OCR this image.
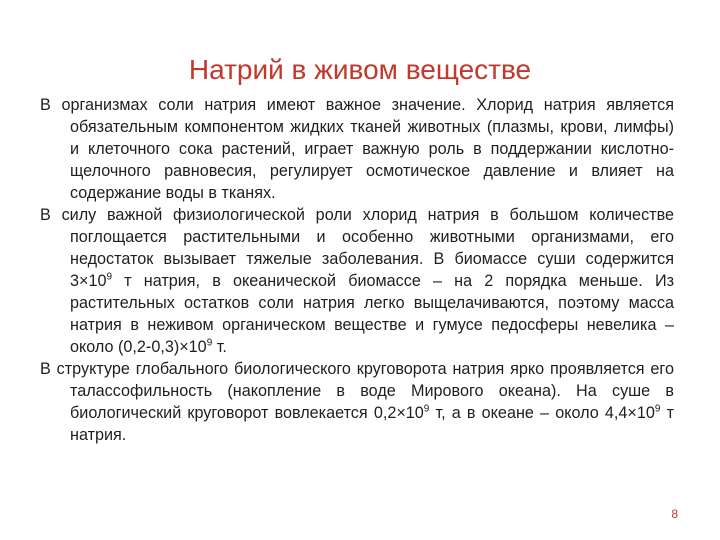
Натрий в живом веществе

В организмах соли натрия имеют важное значение. Хлорид натрия является обязательным компонентом жидких тканей животных (плазмы, крови, лимфы) и клеточного сока растений, играет важную роль в поддержании кислотно-щелочного равновесия, регулирует осмотическое давление и влияет на содержание воды в тканях.

В силу важной физиологической роли хлорид натрия в большом количестве поглощается растительными и особенно животными организмами, его недостаток вызывает тяжелые заболевания. В биомассе суши содержится $3\times 10^9$ т натрия, в океанической биомассе – на 2 порядка меньше. Из растительных остатков соли натрия легко выщелачиваются, поэтому масса натрия в неживом органическом веществе и гумусе педосферы невелика – около $(0,2-0,3)\times 10^9$ т.

В структуре глобального биологического круговорота натрия ярко проявляется его талассофильность (накопление в воде Мирового океана). На суше в биологический круговорот вовлекается $0,2\times 10^9$ т, а в океане – около $4,4\times 10^9$ т натрия.

8
